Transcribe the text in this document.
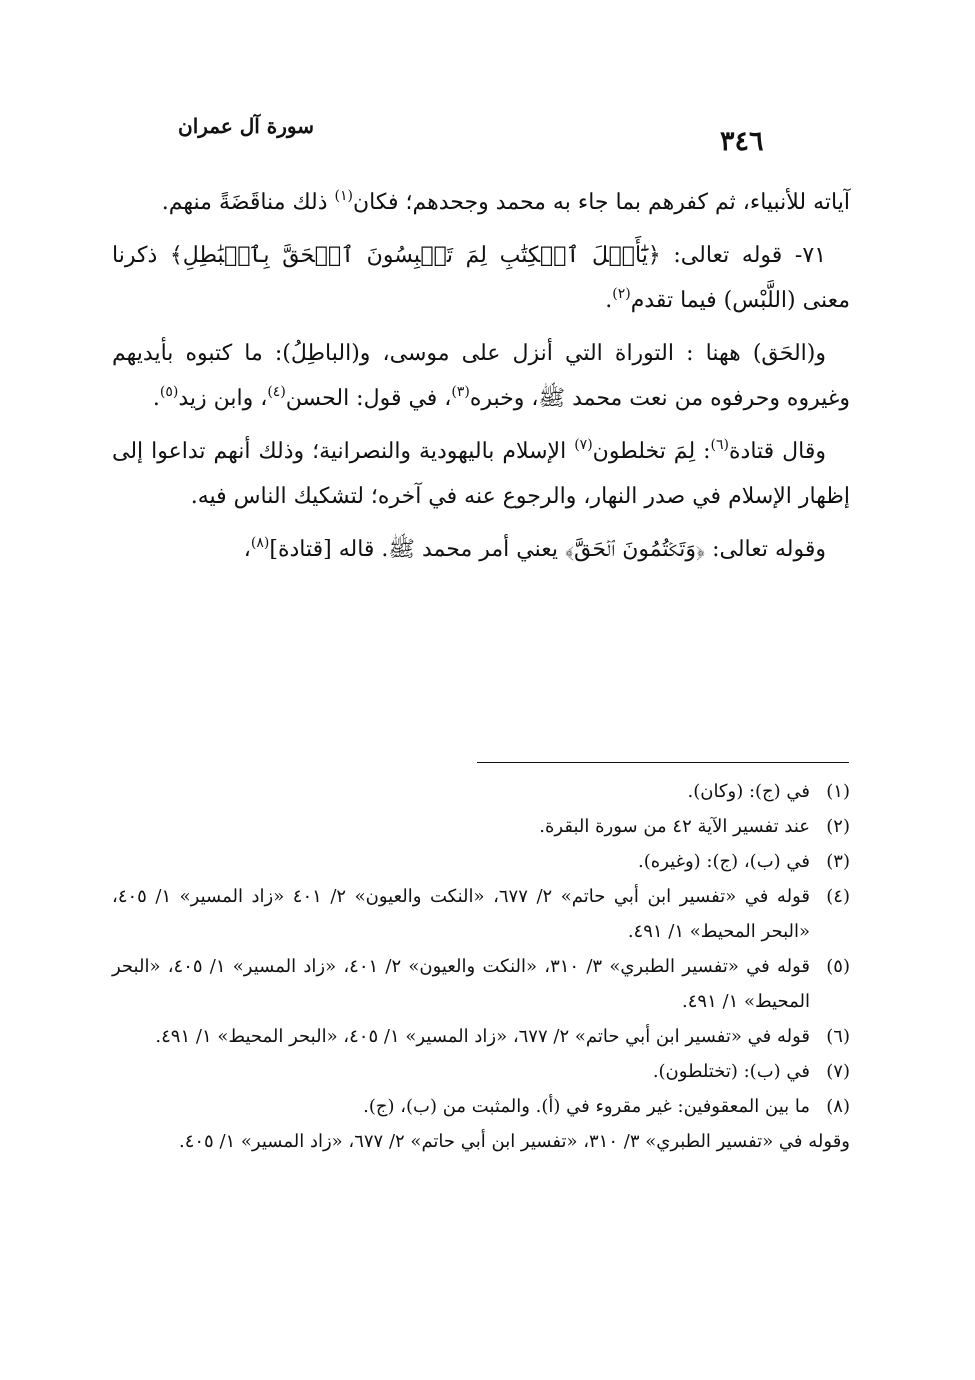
٣٤٦
سورة آل عمران

آياته للأنبياء، ثم كفرهم بما جاء به محمد وجحدهم؛ فكان$^{(١)}$ ذلك مناقَضَةً منهم.

٧١- قوله تعالى: ﴿يَٰٓأَهۡلَ ٱلۡكِتَٰبِ لِمَ تَلۡبِسُونَ ٱلۡحَقَّ بِٱلۡبَٰطِلِ﴾ ذكرنا معنى (اللَّبْس) فيما تقدم$^{(٢)}$.

و(الحَق) ههنا : التوراة التي أنزل على موسى، و(الباطِلُ): ما كتبوه بأيديهم وغيروه وحرفوه من نعت محمد ﷺ، وخبره$^{(٣)}$، في قول: الحسن$^{(٤)}$، وابن زيد$^{(٥)}$.

وقال قتادة$^{(٦)}$: لِمَ تخلطون$^{(٧)}$ الإسلام باليهودية والنصرانية؛ وذلك أنهم تداعوا إلى إظهار الإسلام في صدر النهار، والرجوع عنه في آخره؛ لتشكيك الناس فيه.

وقوله تعالى: ﴿وَتَكۡتُمُونَ ٱلۡحَقَّ﴾ يعني أمر محمد ﷺ. قاله [قتادة]$^{(٨)}$،

(١)
في (ج): (وكان).
(٢)
عند تفسير الآية ٤٢ من سورة البقرة.
(٣)
في (ب)، (ج): (وغيره).
(٤)
قوله في «تفسير ابن أبي حاتم» ٢/ ٦٧٧، «النكت والعيون» ٢/ ٤٠١ «زاد المسير» ١/ ٤٠٥، «البحر المحيط» ١/ ٤٩١.
(٥)
قوله في «تفسير الطبري» ٣/ ٣١٠، «النكت والعيون» ٢/ ٤٠١، «زاد المسير» ١/ ٤٠٥، «البحر المحيط» ١/ ٤٩١.
(٦)
قوله في «تفسير ابن أبي حاتم» ٢/ ٦٧٧، «زاد المسير» ١/ ٤٠٥، «البحر المحيط» ١/ ٤٩١.
(٧)
في (ب): (تختلطون).
(٨)
ما بين المعقوفين: غير مقروء في (أ). والمثبت من (ب)، (ج).
وقوله في «تفسير الطبري» ٣/ ٣١٠، «تفسير ابن أبي حاتم» ٢/ ٦٧٧، «زاد المسير» ١/ ٤٠٥.
